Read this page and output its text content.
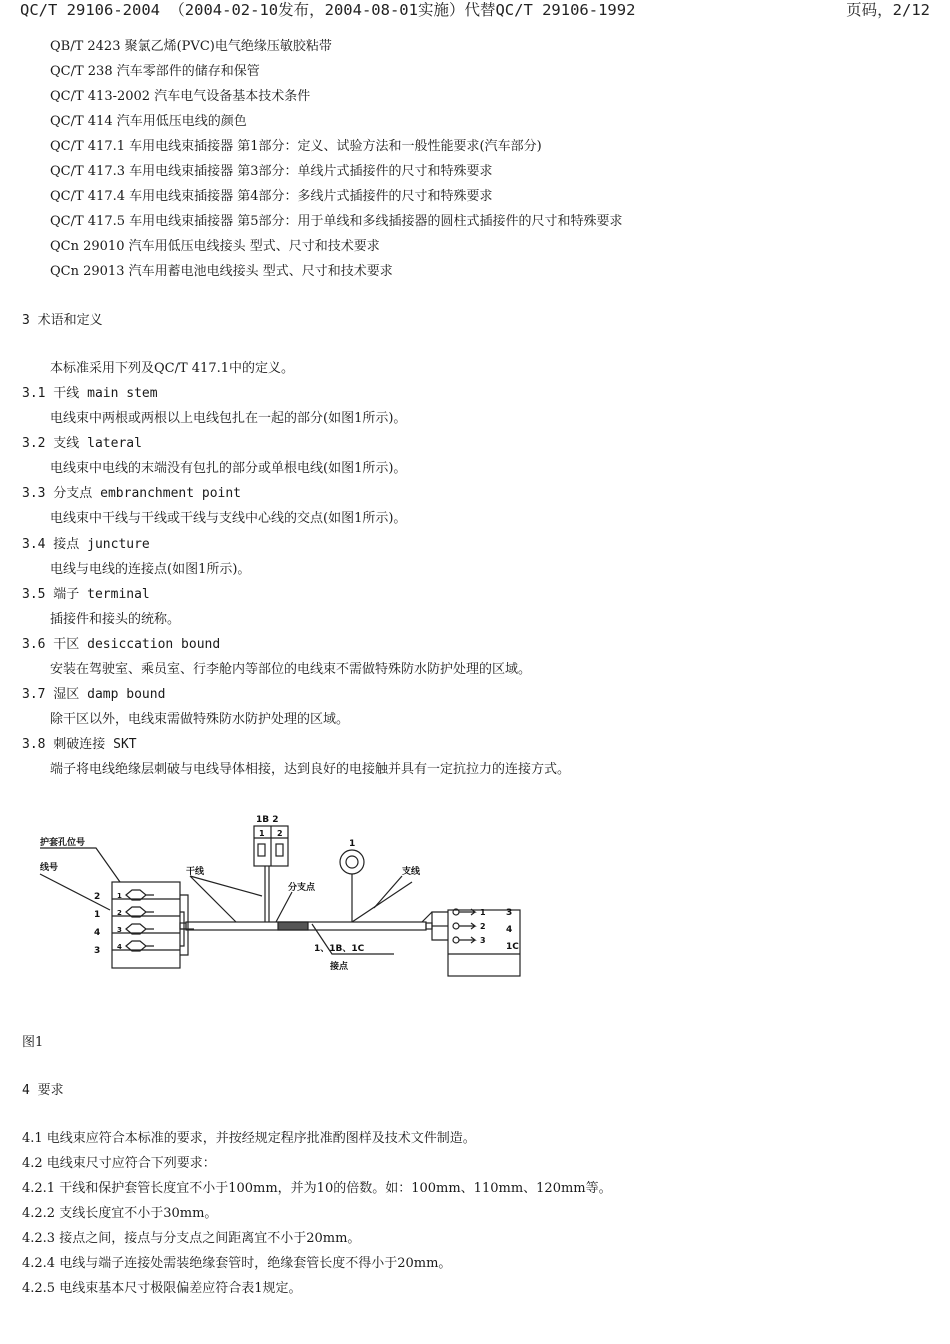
QC/T 29106-2004 （2004-02-10发布，2004-08-01实施）代替QC/T 29106-1992	页码，2/12
QB/T 2423 聚氯乙烯(PVC)电气绝缘压敏胶粘带
QC/T 238 汽车零部件的储存和保管
QC/T 413-2002 汽车电气设备基本技术条件
QC/T 414 汽车用低压电线的颜色
QC/T 417.1 车用电线束插接器 第1部分：定义、试验方法和一般性能要求(汽车部分)
QC/T 417.3 车用电线束插接器 第3部分：单线片式插接件的尺寸和特殊要求
QC/T 417.4 车用电线束插接器 第4部分：多线片式插接件的尺寸和特殊要求
QC/T 417.5 车用电线束插接器 第5部分：用于单线和多线插接器的圆柱式插接件的尺寸和特殊要求
QCn 29010 汽车用低压电线接头 型式、尺寸和技术要求
QCn 29013 汽车用蓄电池电线接头 型式、尺寸和技术要求
3 术语和定义
本标准采用下列及QC/T 417.1中的定义。
3.1 干线 main stem
电线束中两根或两根以上电线包扎在一起的部分(如图1所示)。
3.2 支线 lateral
电线束中电线的末端没有包扎的部分或单根电线(如图1所示)。
3.3 分支点 embranchment point
电线束中干线与干线或干线与支线中心线的交点(如图1所示)。
3.4 接点 juncture
电线与电线的连接点(如图1所示)。
3.5 端子 terminal
插接件和接头的统称。
3.6 干区 desiccation bound
安装在驾驶室、乘员室、行李舱内等部位的电线束不需做特殊防水防护处理的区域。
3.7 湿区 damp bound
除干区以外，电线束需做特殊防水防护处理的区域。
3.8 刺破连接 SKT
端子将电线绝缘层刺破与电线导体相接，达到良好的电接触并具有一定抗拉力的连接方式。
护套孔位号
线号
2
1
4
3
1
2
3
4
干线
1B 2
1 2
分支点
1
支线
1、1B、1C
接点
1
2
3
3
4
1C
图1
4 要求
4.1 电线束应符合本标准的要求，并按经规定程序批准酌图样及技术文件制造。
4.2 电线束尺寸应符合下列要求：
4.2.1 干线和保护套管长度宜不小于100mm，并为10的倍数。如：100mm、110mm、120mm等。
4.2.2 支线长度宜不小于30mm。
4.2.3 接点之间，接点与分支点之间距离宜不小于20mm。
4.2.4 电线与端子连接处需装绝缘套管时，绝缘套管长度不得小于20mm。
4.2.5 电线束基本尺寸极限偏差应符合表1规定。
